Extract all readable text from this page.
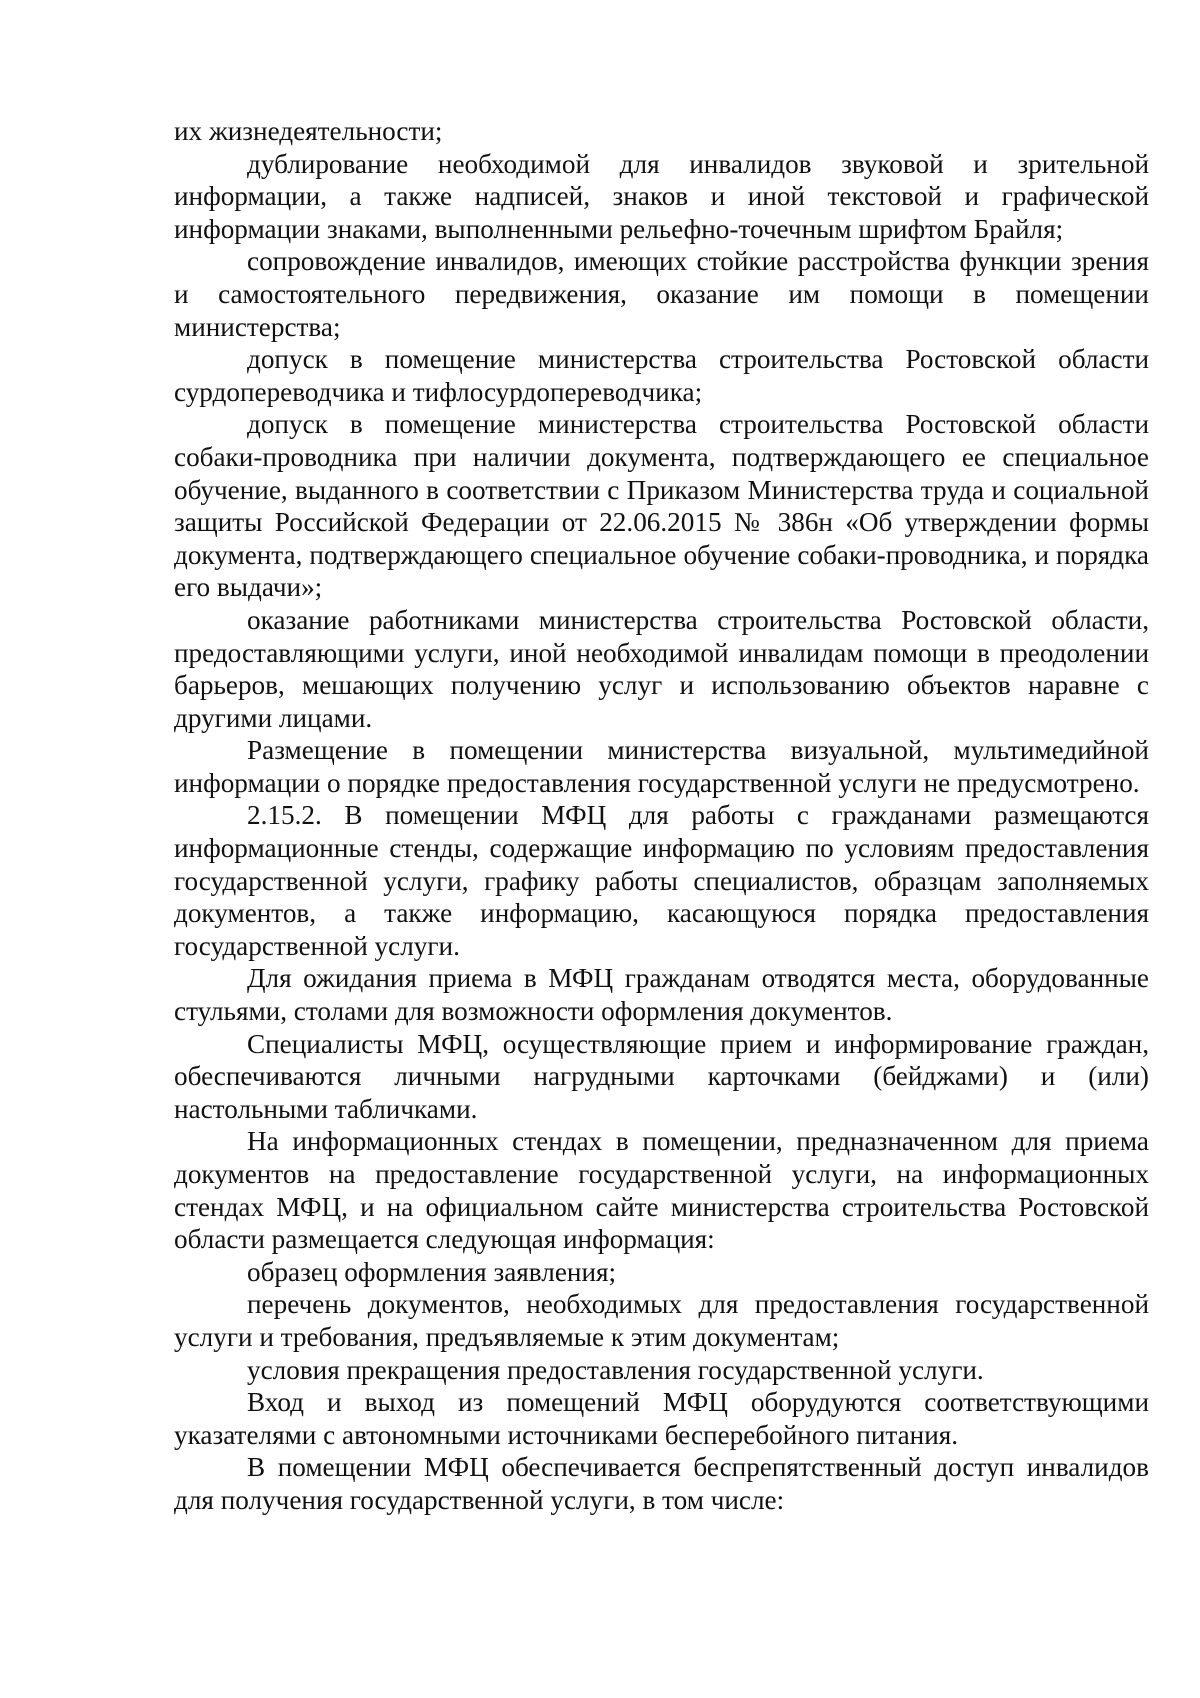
их жизнедеятельности;

дублирование необходимой для инвалидов звуковой и зрительной информации, а также надписей, знаков и иной текстовой и графической информации знаками, выполненными рельефно-точечным шрифтом Брайля;

сопровождение инвалидов, имеющих стойкие расстройства функции зрения и самостоятельного передвижения, оказание им помощи в помещении министерства;

допуск в помещение министерства строительства Ростовской области сурдопереводчика и тифлосурдопереводчика;

допуск в помещение министерства строительства Ростовской области собаки-проводника при наличии документа, подтверждающего ее специальное обучение, выданного в соответствии с Приказом Министерства труда и социальной защиты Российской Федерации от 22.06.2015 № 386н «Об утверждении формы документа, подтверждающего специальное обучение собаки-проводника, и порядка его выдачи»;

оказание работниками министерства строительства Ростовской области, предоставляющими услуги, иной необходимой инвалидам помощи в преодолении барьеров, мешающих получению услуг и использованию объектов наравне с другими лицами.

Размещение в помещении министерства визуальной, мультимедийной информации о порядке предоставления государственной услуги не предусмотрено.

2.15.2. В помещении МФЦ для работы с гражданами размещаются информационные стенды, содержащие информацию по условиям предоставления государственной услуги, графику работы специалистов, образцам заполняемых документов, а также информацию, касающуюся порядка предоставления государственной услуги.

Для ожидания приема в МФЦ гражданам отводятся места, оборудованные стульями, столами для возможности оформления документов.

Специалисты МФЦ, осуществляющие прием и информирование граждан, обеспечиваются личными нагрудными карточками (бейджами) и (или) настольными табличками.

На информационных стендах в помещении, предназначенном для приема документов на предоставление государственной услуги, на информационных стендах МФЦ, и на официальном сайте министерства строительства Ростовской области размещается следующая информация:

образец оформления заявления;

перечень документов, необходимых для предоставления государственной услуги и требования, предъявляемые к этим документам;

условия прекращения предоставления государственной услуги.

Вход и выход из помещений МФЦ оборудуются соответствующими указателями с автономными источниками бесперебойного питания.

В помещении МФЦ обеспечивается беспрепятственный доступ инвалидов для получения государственной услуги, в том числе:
